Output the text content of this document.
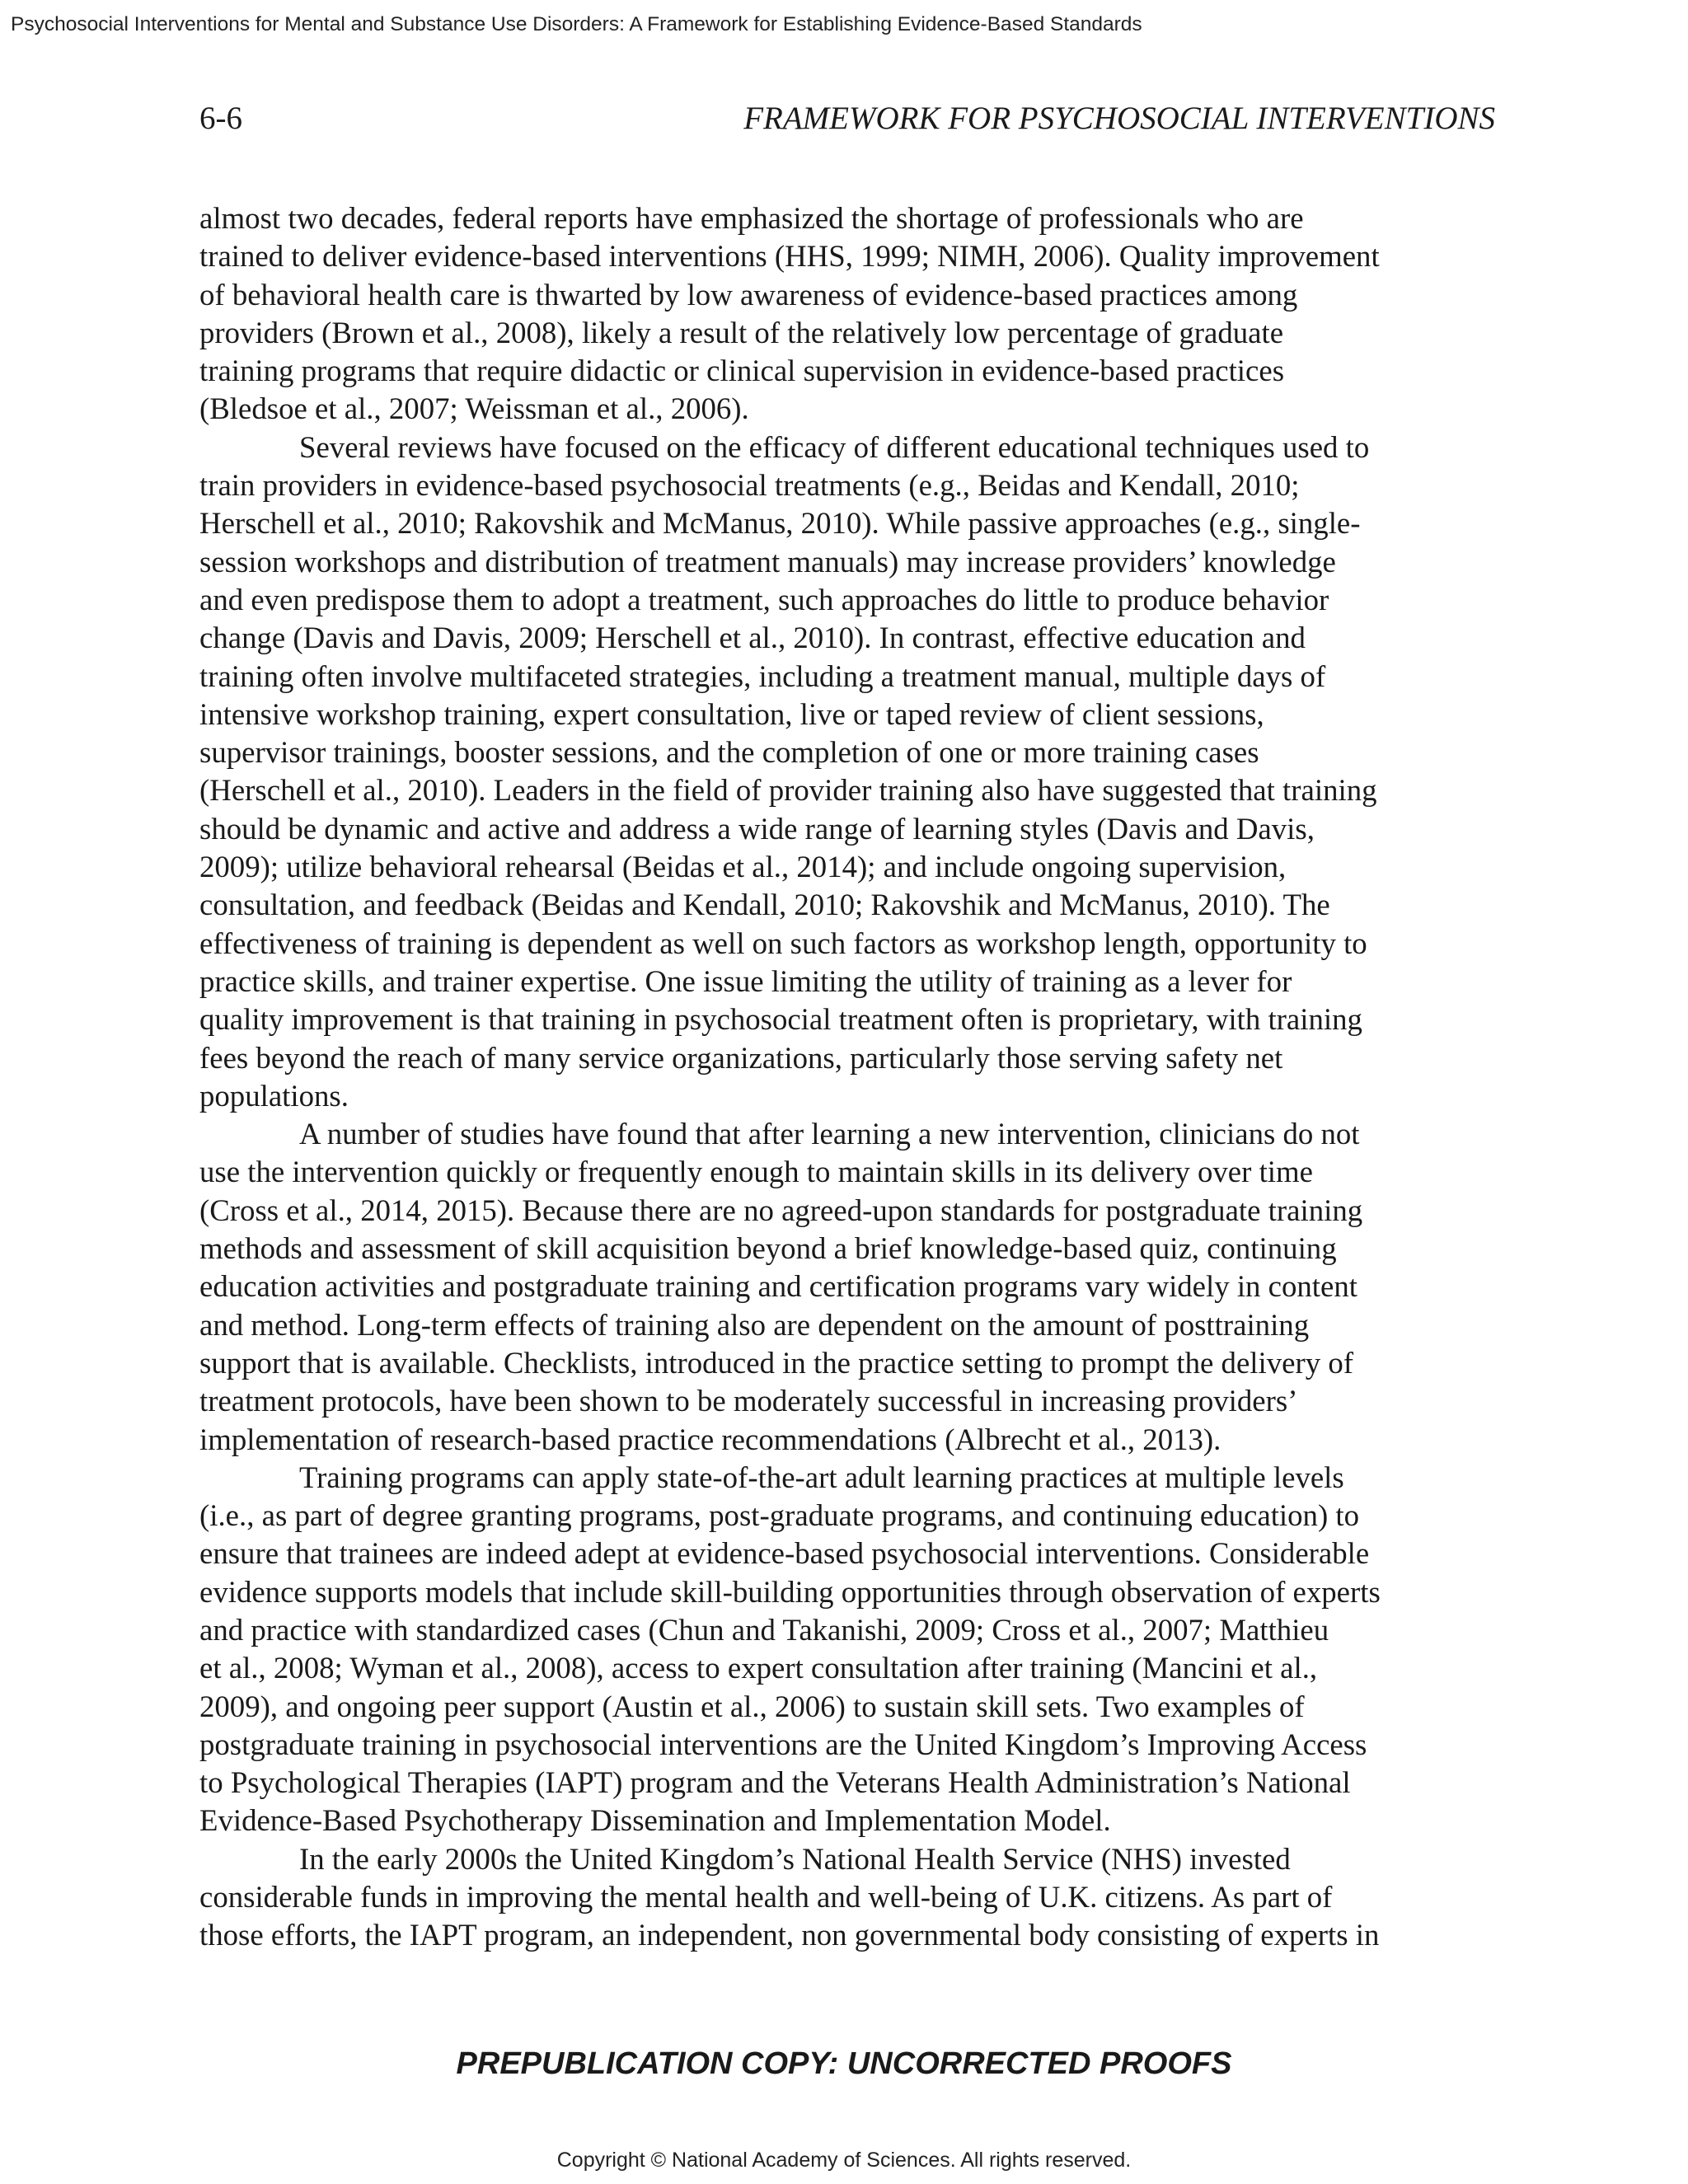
Psychosocial Interventions for Mental and Substance Use Disorders: A Framework for Establishing Evidence-Based Standards
6-6	FRAMEWORK FOR PSYCHOSOCIAL INTERVENTIONS
almost two decades, federal reports have emphasized the shortage of professionals who are
trained to deliver evidence-based interventions (HHS, 1999; NIMH, 2006). Quality improvement
of behavioral health care is thwarted by low awareness of evidence-based practices among
providers (Brown et al., 2008), likely a result of the relatively low percentage of graduate
training programs that require didactic or clinical supervision in evidence-based practices
(Bledsoe et al., 2007; Weissman et al., 2006).
Several reviews have focused on the efficacy of different educational techniques used to
train providers in evidence-based psychosocial treatments (e.g., Beidas and Kendall, 2010;
Herschell et al., 2010; Rakovshik and McManus, 2010). While passive approaches (e.g., single-
session workshops and distribution of treatment manuals) may increase providers’ knowledge
and even predispose them to adopt a treatment, such approaches do little to produce behavior
change (Davis and Davis, 2009; Herschell et al., 2010). In contrast, effective education and
training often involve multifaceted strategies, including a treatment manual, multiple days of
intensive workshop training, expert consultation, live or taped review of client sessions,
supervisor trainings, booster sessions, and the completion of one or more training cases
(Herschell et al., 2010). Leaders in the field of provider training also have suggested that training
should be dynamic and active and address a wide range of learning styles (Davis and Davis,
2009); utilize behavioral rehearsal (Beidas et al., 2014); and include ongoing supervision,
consultation, and feedback (Beidas and Kendall, 2010; Rakovshik and McManus, 2010). The
effectiveness of training is dependent as well on such factors as workshop length, opportunity to
practice skills, and trainer expertise. One issue limiting the utility of training as a lever for
quality improvement is that training in psychosocial treatment often is proprietary, with training
fees beyond the reach of many service organizations, particularly those serving safety net
populations.
A number of studies have found that after learning a new intervention, clinicians do not
use the intervention quickly or frequently enough to maintain skills in its delivery over time
(Cross et al., 2014, 2015). Because there are no agreed-upon standards for postgraduate training
methods and assessment of skill acquisition beyond a brief knowledge-based quiz, continuing
education activities and postgraduate training and certification programs vary widely in content
and method. Long-term effects of training also are dependent on the amount of posttraining
support that is available. Checklists, introduced in the practice setting to prompt the delivery of
treatment protocols, have been shown to be moderately successful in increasing providers’
implementation of research-based practice recommendations (Albrecht et al., 2013).
Training programs can apply state-of-the-art adult learning practices at multiple levels
(i.e., as part of degree granting programs, post-graduate programs, and continuing education) to
ensure that trainees are indeed adept at evidence-based psychosocial interventions. Considerable
evidence supports models that include skill-building opportunities through observation of experts
and practice with standardized cases (Chun and Takanishi, 2009; Cross et al., 2007; Matthieu
et al., 2008; Wyman et al., 2008), access to expert consultation after training (Mancini et al.,
2009), and ongoing peer support (Austin et al., 2006) to sustain skill sets. Two examples of
postgraduate training in psychosocial interventions are the United Kingdom’s Improving Access
to Psychological Therapies (IAPT) program and the Veterans Health Administration’s National
Evidence-Based Psychotherapy Dissemination and Implementation Model.
In the early 2000s the United Kingdom’s National Health Service (NHS) invested
considerable funds in improving the mental health and well-being of U.K. citizens. As part of
those efforts, the IAPT program, an independent, non governmental body consisting of experts in
PREPUBLICATION COPY: UNCORRECTED PROOFS
Copyright © National Academy of Sciences. All rights reserved.
